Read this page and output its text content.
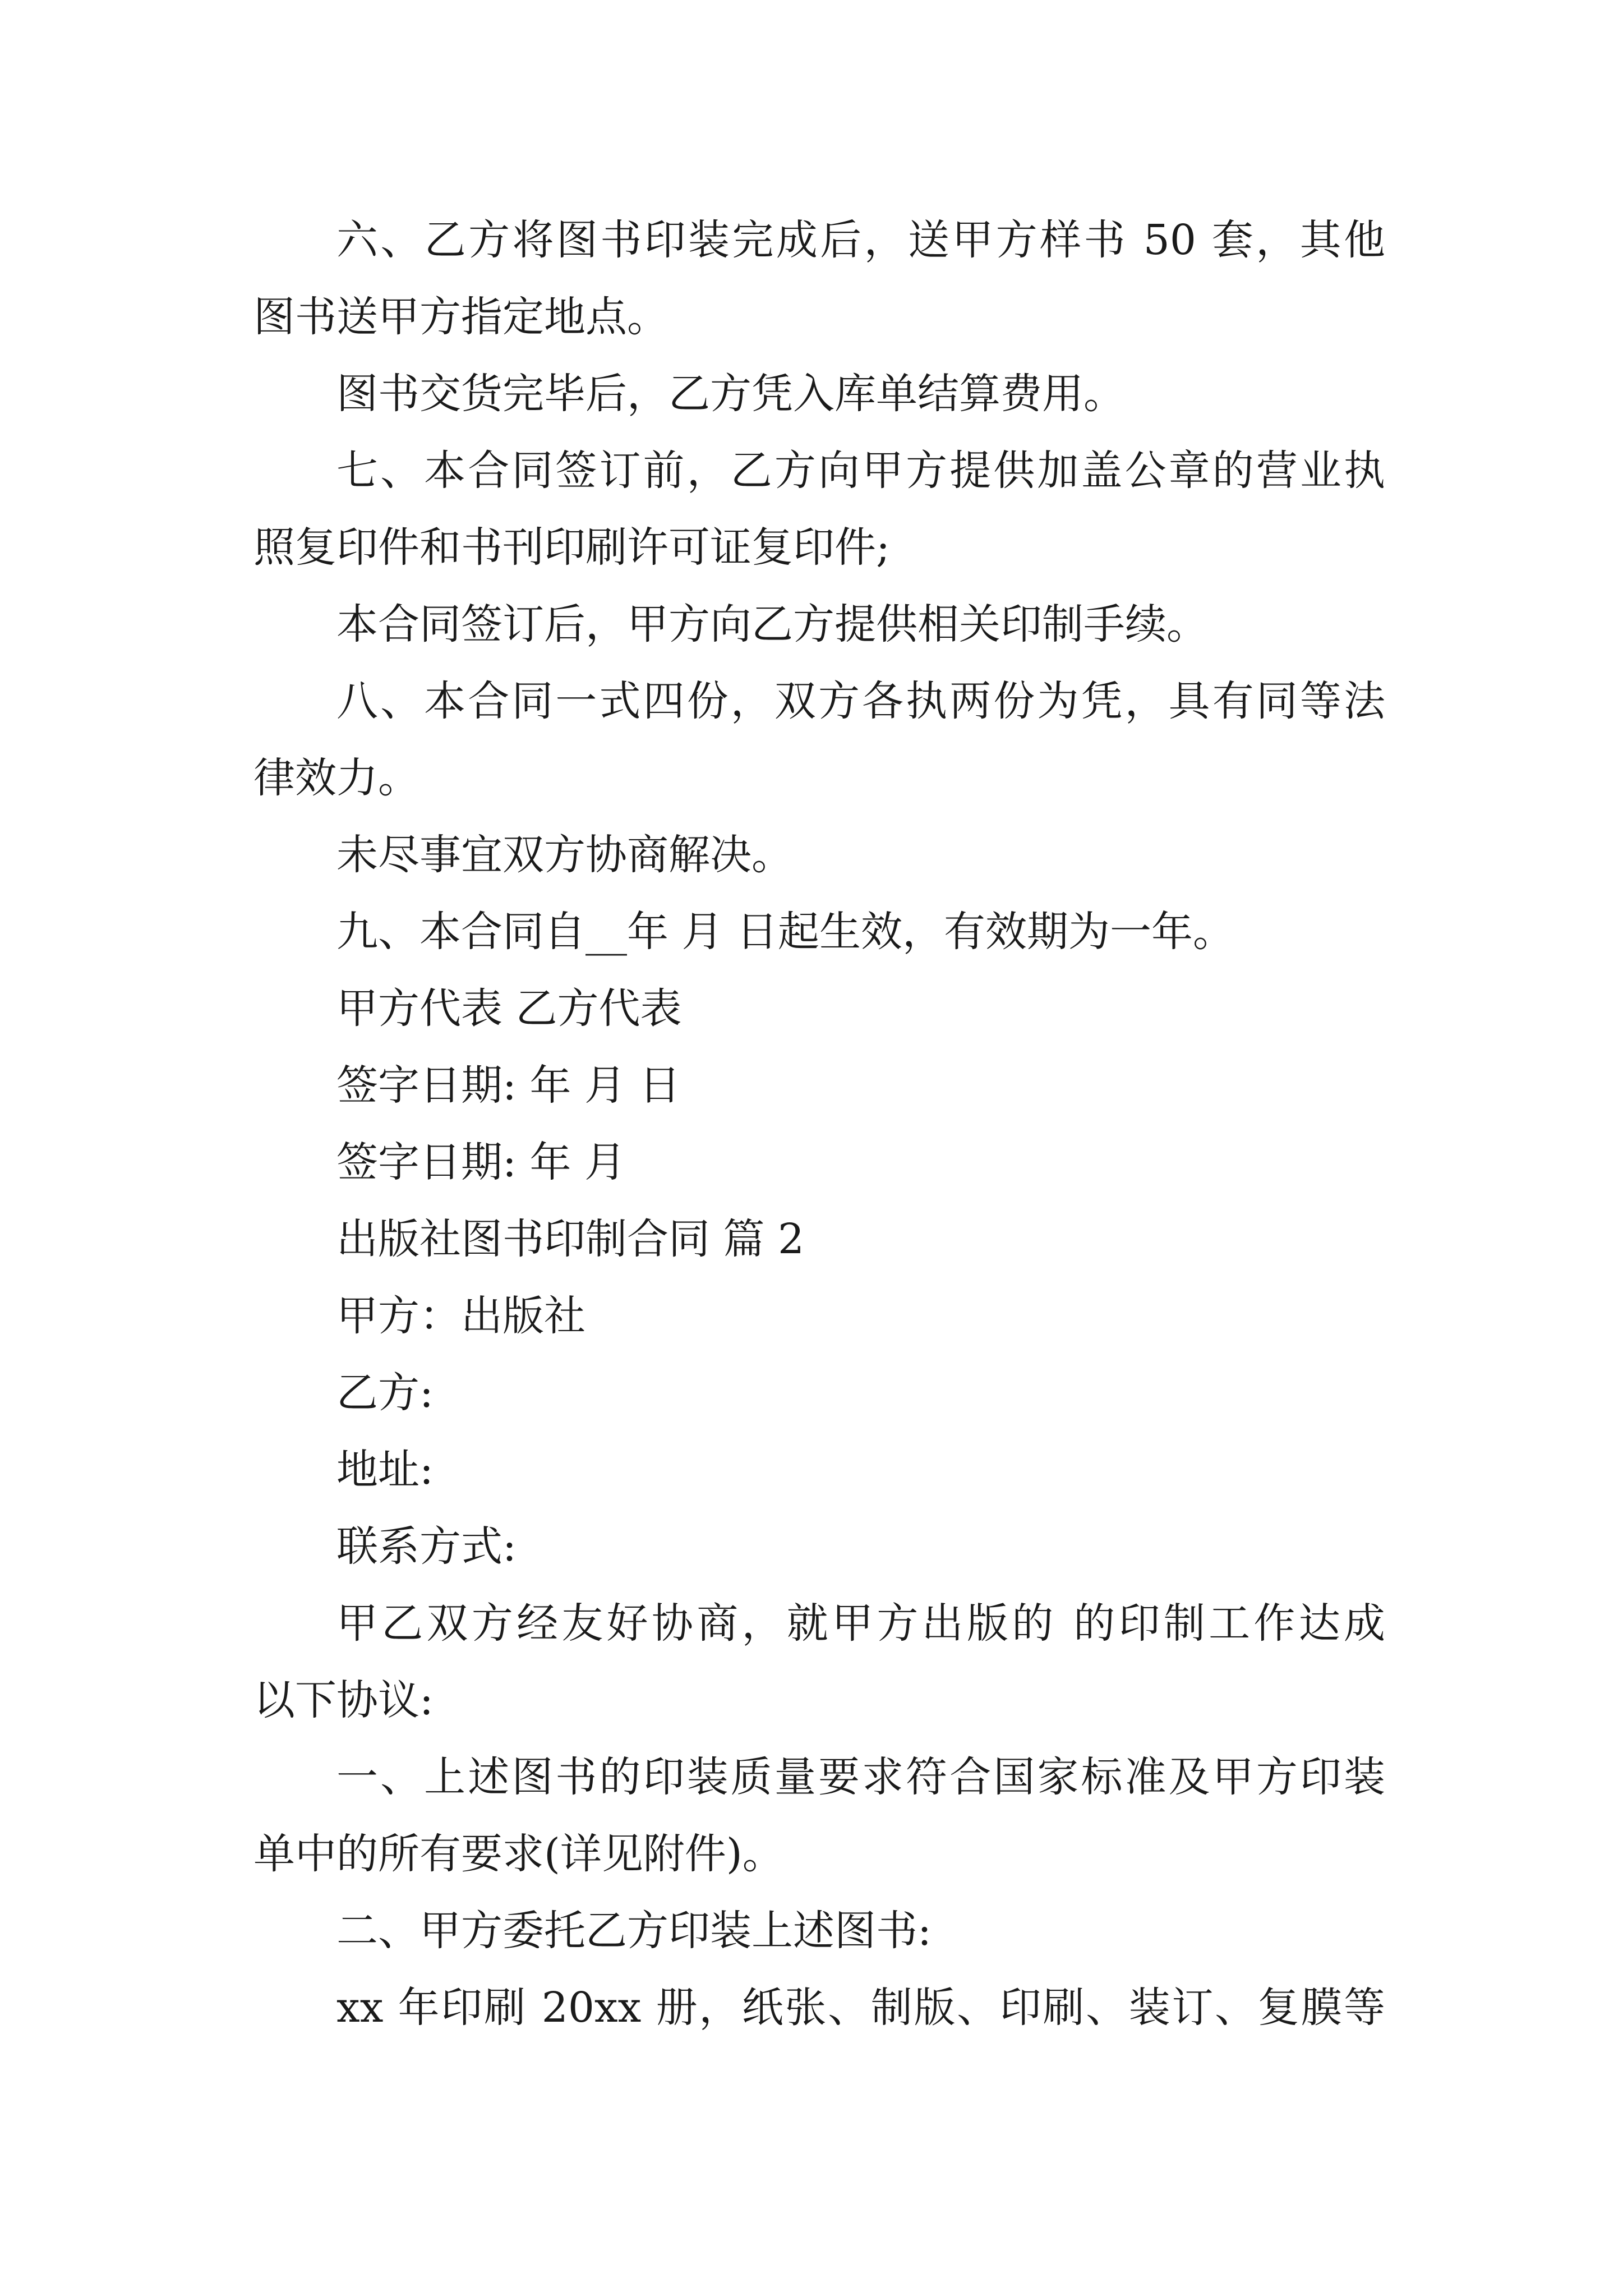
六、乙方将图书印装完成后，送甲方样书 50 套，其他
图书送甲方指定地点。
图书交货完毕后，乙方凭入库单结算费用。
七、本合同签订前，乙方向甲方提供加盖公章的营业执
照复印件和书刊印刷许可证复印件;
本合同签订后，甲方向乙方提供相关印制手续。
八、本合同一式四份，双方各执两份为凭，具有同等法
律效力。
未尽事宜双方协商解决。
九、本合同自__年 月 日起生效，有效期为一年。
甲方代表 乙方代表
签字日期: 年 月 日
签字日期: 年 月
出版社图书印制合同 篇 2
甲方：出版社
乙方:
地址:
联系方式:
甲乙双方经友好协商，就甲方出版的 的印制工作达成
以下协议:
一、上述图书的印装质量要求符合国家标准及甲方印装
单中的所有要求(详见附件)。
二、甲方委托乙方印装上述图书:
xx 年印刷 20xx 册，纸张、制版、印刷、装订、复膜等
